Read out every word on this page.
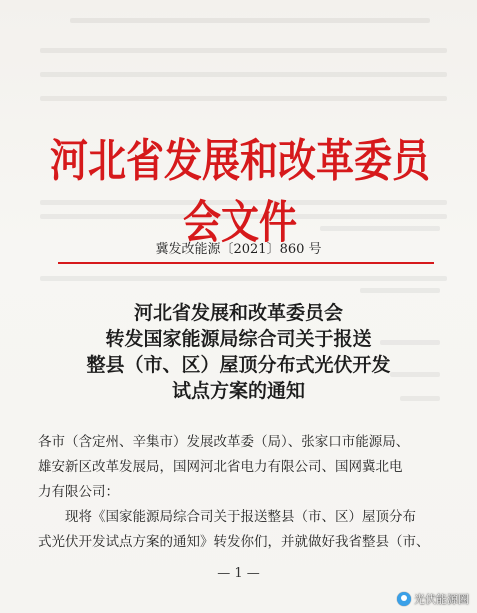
河北省发展和改革委员会文件
冀发改能源〔2021〕860 号
河北省发展和改革委员会
转发国家能源局综合司关于报送
整县（市、区）屋顶分布式光伏开发
试点方案的通知

各市（含定州、辛集市）发展改革委（局）、张家口市能源局、

雄安新区改革发展局，国网河北省电力有限公司、国网冀北电

力有限公司：

现将《国家能源局综合司关于报送整县（市、区）屋顶分布

式光伏开发试点方案的通知》转发你们，并就做好我省整县（市、

— 1 —
光伏能源圈
